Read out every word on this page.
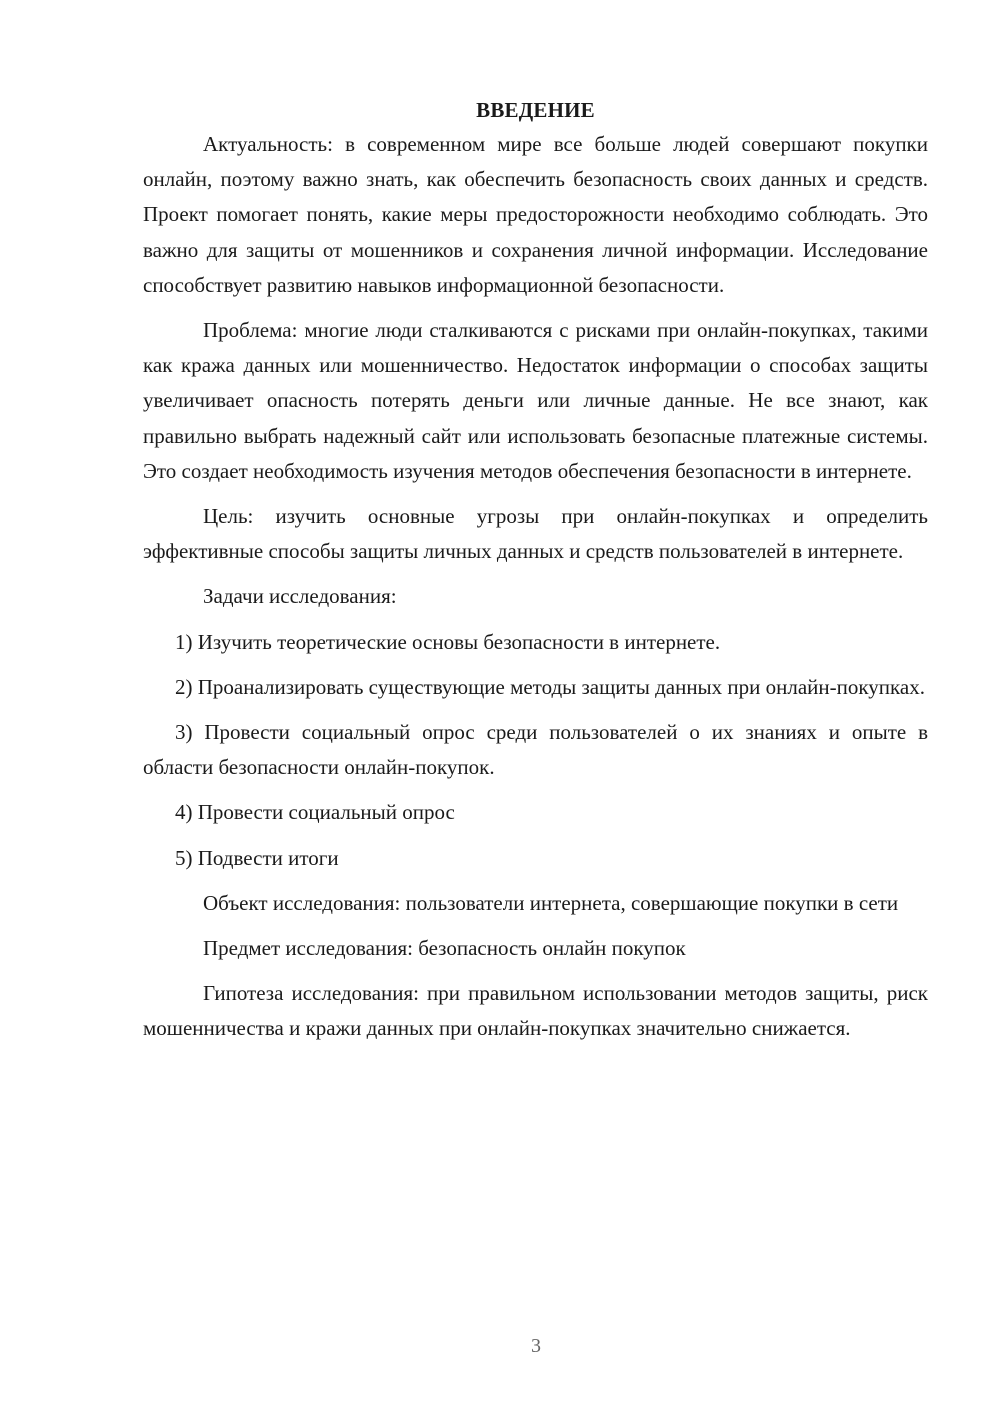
ВВЕДЕНИЕ

Актуальность: в современном мире все больше людей совершают покупки онлайн, поэтому важно знать, как обеспечить безопасность своих данных и средств. Проект помогает понять, какие меры предосторожности необходимо соблюдать. Это важно для защиты от мошенников и сохранения личной информации. Исследование способствует развитию навыков информационной безопасности.

Проблема: многие люди сталкиваются с рисками при онлайн-покупках, такими как кража данных или мошенничество. Недостаток информации о способах защиты увеличивает опасность потерять деньги или личные данные. Не все знают, как правильно выбрать надежный сайт или использовать безопасные платежные системы. Это создает необходимость изучения методов обеспечения безопасности в интернете.

Цель: изучить основные угрозы при онлайн-покупках и определить эффективные способы защиты личных данных и средств пользователей в интернете.

Задачи исследования:

1) Изучить теоретические основы безопасности в интернете.

2) Проанализировать существующие методы защиты данных при онлайн-покупках.

3) Провести социальный опрос среди пользователей о их знаниях и опыте в области безопасности онлайн-покупок.

4) Провести социальный опрос

5) Подвести итоги

Объект исследования: пользователи интернета, совершающие покупки в сети

Предмет исследования: безопасность онлайн покупок

Гипотеза исследования: при правильном использовании методов защиты, риск мошенничества и кражи данных при онлайн-покупках значительно снижается.

3
